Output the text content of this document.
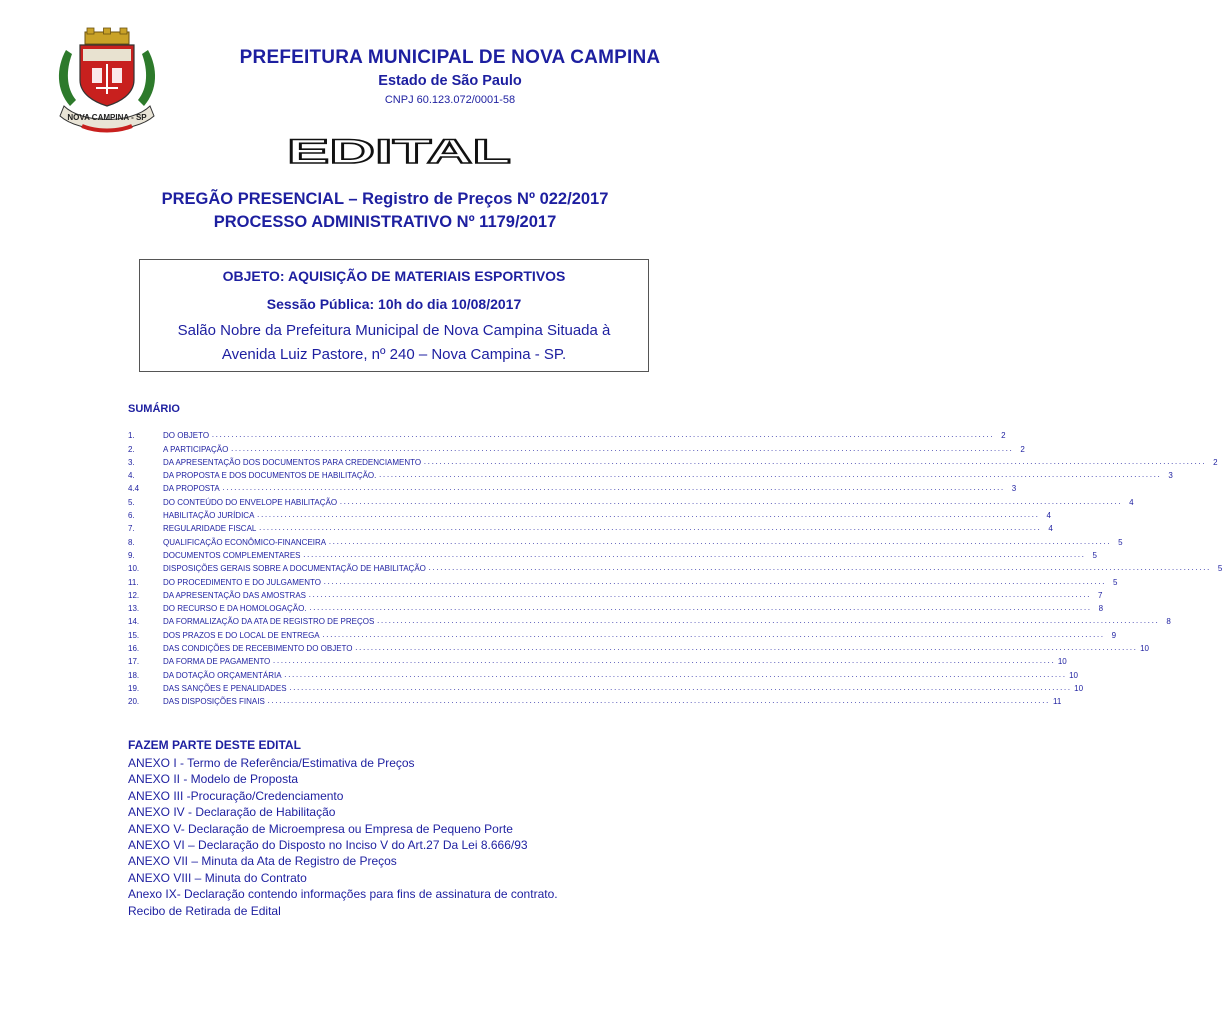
NOVA CAMPINA - SP
PREFEITURA MUNICIPAL DE NOVA CAMPINA
Estado de São Paulo
CNPJ 60.123.072/0001-58
EDITAL
PREGÃO PRESENCIAL – Registro de Preços Nº 022/2017
PROCESSO ADMINISTRATIVO Nº 1179/2017
OBJETO: AQUISIÇÃO DE MATERIAIS ESPORTIVOS
Sessão Pública: 10h do dia 10/08/2017
Salão Nobre da Prefeitura Municipal de Nova Campina Situada à
Avenida Luiz Pastore, nº 240 – Nova Campina - SP.
SUMÁRIO
1.	DO OBJETO ........................................................................................................................................................................................................ 2
2.	A PARTICIPAÇÃO ........................................................................................................................................................................................................ 2
3.	DA APRESENTAÇÃO DOS DOCUMENTOS PARA CREDENCIAMENTO ........................................................................................................................................................................................................ 2
4.	DA PROPOSTA E DOS DOCUMENTOS DE HABILITAÇÃO. ........................................................................................................................................................................................................ 3
4.4	DA PROPOSTA ........................................................................................................................................................................................................ 3
5.	DO CONTEÚDO DO ENVELOPE HABILITAÇÃO ........................................................................................................................................................................................................ 4
6.	HABILITAÇÃO JURÍDICA ........................................................................................................................................................................................................ 4
7.	REGULARIDADE FISCAL ........................................................................................................................................................................................................ 4
8.	QUALIFICAÇÃO ECONÔMICO-FINANCEIRA ........................................................................................................................................................................................................ 5
9.	DOCUMENTOS COMPLEMENTARES ........................................................................................................................................................................................................ 5
10.	DISPOSIÇÕES GERAIS SOBRE A DOCUMENTAÇÃO DE HABILITAÇÃO ........................................................................................................................................................................................................ 5
11.	DO PROCEDIMENTO E DO JULGAMENTO ........................................................................................................................................................................................................ 5
12.	DA APRESENTAÇÃO DAS AMOSTRAS ........................................................................................................................................................................................................ 7
13.	DO RECURSO E DA HOMOLOGAÇÃO. ........................................................................................................................................................................................................ 8
14.	DA FORMALIZAÇÃO DA ATA DE REGISTRO DE PREÇOS ........................................................................................................................................................................................................ 8
15.	DOS PRAZOS E DO LOCAL DE ENTREGA ........................................................................................................................................................................................................ 9
16.	DAS CONDIÇÕES DE RECEBIMENTO DO OBJETO ........................................................................................................................................................................................................ 10
17.	DA FORMA DE PAGAMENTO ........................................................................................................................................................................................................ 10
18.	DA DOTAÇÃO ORÇAMENTÁRIA ........................................................................................................................................................................................................ 10
19.	DAS SANÇÕES E PENALIDADES ........................................................................................................................................................................................................ 10
20.	DAS DISPOSIÇÕES FINAIS ........................................................................................................................................................................................................ 11
FAZEM PARTE DESTE EDITAL
ANEXO I - Termo de Referência/Estimativa de Preços
ANEXO II - Modelo de Proposta
ANEXO III -Procuração/Credenciamento
ANEXO IV - Declaração de Habilitação
ANEXO V- Declaração de Microempresa ou Empresa de Pequeno Porte
ANEXO VI – Declaração do Disposto no Inciso V do Art.27 Da Lei 8.666/93
ANEXO VII – Minuta da Ata de Registro de Preços
ANEXO VIII – Minuta do Contrato
Anexo IX- Declaração contendo informações para fins de assinatura de contrato.
Recibo de Retirada de Edital
